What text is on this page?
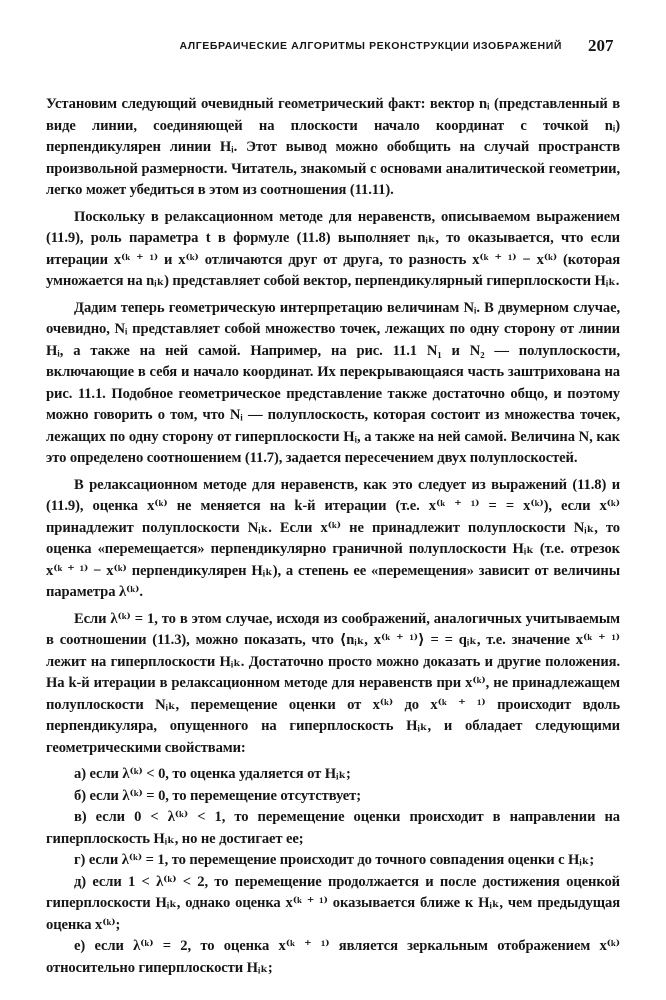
АЛГЕБРАИЧЕСКИЕ АЛГОРИТМЫ РЕКОНСТРУКЦИИ ИЗОБРАЖЕНИЙ	207

Установим следующий очевидный геометрический факт: вектор nᵢ (представленный в виде линии, соединяющей на плоскости начало координат с точкой nᵢ) перпендикулярен линии Hᵢ. Этот вывод можно обобщить на случай пространств произвольной размерности. Читатель, знакомый с основами аналитической геометрии, легко может убедиться в этом из соотношения (11.11).

Поскольку в релаксационном методе для неравенств, описываемом выражением (11.9), роль параметра t в формуле (11.8) выполняет nᵢₖ, то оказывается, что если итерации x⁽ᵏ ⁺ ¹⁾ и x⁽ᵏ⁾ отличаются друг от друга, то разность x⁽ᵏ ⁺ ¹⁾ − x⁽ᵏ⁾ (которая умножается на nᵢₖ) представляет собой вектор, перпендикулярный гиперплоскости Hᵢₖ.

Дадим теперь геометрическую интерпретацию величинам Nᵢ. В двумерном случае, очевидно, Nᵢ представляет собой множество точек, лежащих по одну сторону от линии Hᵢ, а также на ней самой. Например, на рис. 11.1 N₁ и N₂ — полуплоскости, включающие в себя и начало координат. Их перекрывающаяся часть заштрихована на рис. 11.1. Подобное геометрическое представление также достаточно общо, и поэтому можно говорить о том, что Nᵢ — полуплоскость, которая состоит из множества точек, лежащих по одну сторону от гиперплоскости Hᵢ, а также на ней самой. Величина N, как это определено соотношением (11.7), задается пересечением двух полуплоскостей.

В релаксационном методе для неравенств, как это следует из выражений (11.8) и (11.9), оценка x⁽ᵏ⁾ не меняется на k-й итерации (т.е. x⁽ᵏ ⁺ ¹⁾ = = x⁽ᵏ⁾), если x⁽ᵏ⁾ принадлежит полуплоскости Nᵢₖ. Если x⁽ᵏ⁾ не принадлежит полуплоскости Nᵢₖ, то оценка «перемещается» перпендикулярно граничной полуплоскости Hᵢₖ (т.е. отрезок x⁽ᵏ ⁺ ¹⁾ − x⁽ᵏ⁾ перпендикулярен Hᵢₖ), а степень ее «перемещения» зависит от величины параметра λ⁽ᵏ⁾.

Если λ⁽ᵏ⁾ = 1, то в этом случае, исходя из соображений, аналогичных учитываемым в соотношении (11.3), можно показать, что ⟨nᵢₖ, x⁽ᵏ ⁺ ¹⁾⟩ = = qᵢₖ, т.е. значение x⁽ᵏ ⁺ ¹⁾ лежит на гиперплоскости Hᵢₖ. Достаточно просто можно доказать и другие положения. На k-й итерации в релаксационном методе для неравенств при x⁽ᵏ⁾, не принадлежащем полуплоскости Nᵢₖ, перемещение оценки от x⁽ᵏ⁾ до x⁽ᵏ ⁺ ¹⁾ происходит вдоль перпендикуляра, опущенного на гиперплоскость Hᵢₖ, и обладает следующими геометрическими свойствами:

а) если λ⁽ᵏ⁾ < 0, то оценка удаляется от Hᵢₖ;

б) если λ⁽ᵏ⁾ = 0, то перемещение отсутствует;

в) если 0 < λ⁽ᵏ⁾ < 1, то перемещение оценки происходит в направлении на гиперплоскость Hᵢₖ, но не достигает ее;

г) если λ⁽ᵏ⁾ = 1, то перемещение происходит до точного совпадения оценки с Hᵢₖ;

д) если 1 < λ⁽ᵏ⁾ < 2, то перемещение продолжается и после достижения оценкой гиперплоскости Hᵢₖ, однако оценка x⁽ᵏ ⁺ ¹⁾ оказывается ближе к Hᵢₖ, чем предыдущая оценка x⁽ᵏ⁾;

е) если λ⁽ᵏ⁾ = 2, то оценка x⁽ᵏ ⁺ ¹⁾ является зеркальным отображением x⁽ᵏ⁾ относительно гиперплоскости Hᵢₖ;
